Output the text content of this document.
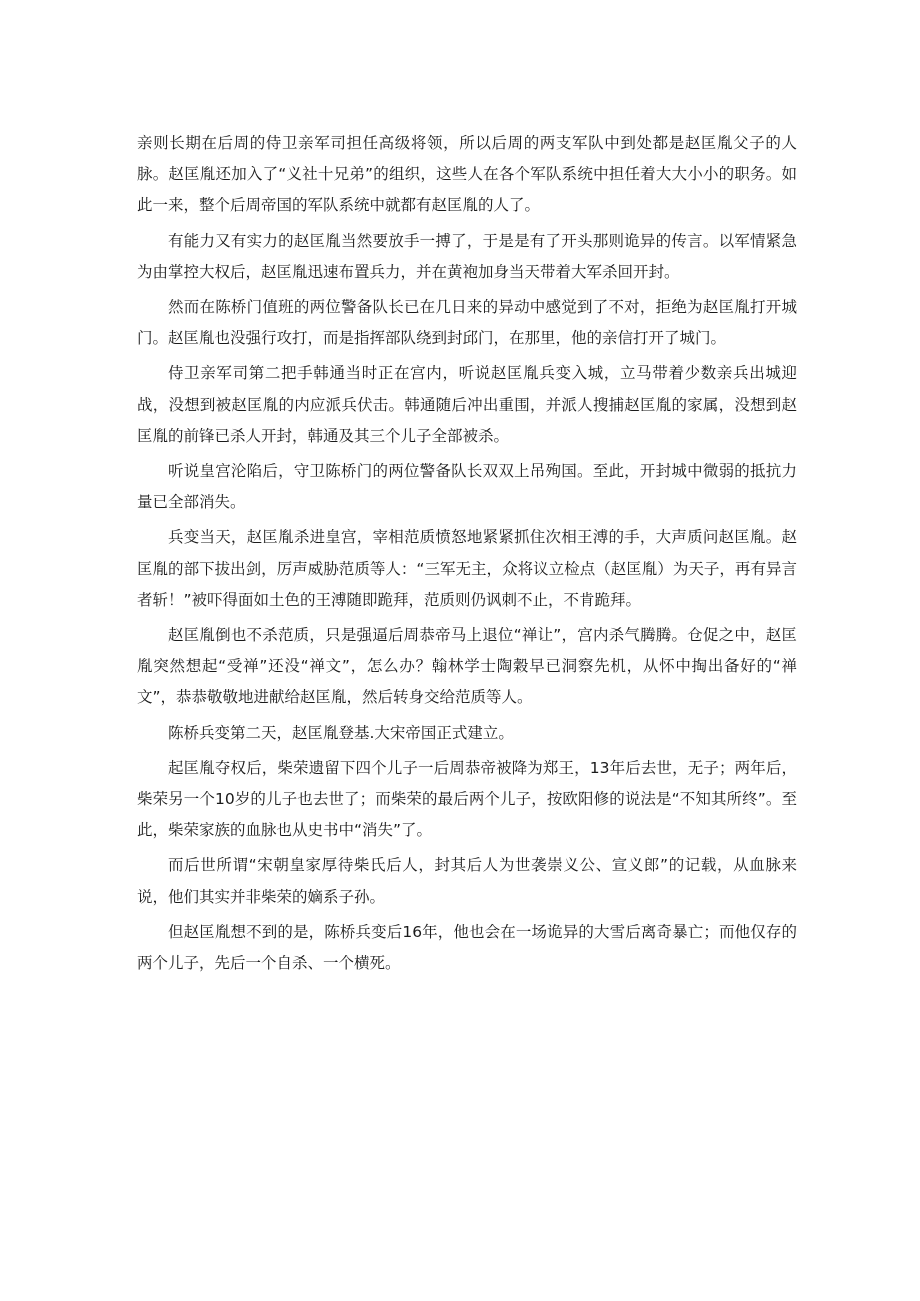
亲则长期在后周的侍卫亲军司担任高级将领，所以后周的两支军队中到处都是赵匡胤父子的人脉。赵匡胤还加入了“义社十兄弟”的组织，这些人在各个军队系统中担任着大大小小的职务。如此一来，整个后周帝国的军队系统中就都有赵匡胤的人了。

有能力又有实力的赵匡胤当然要放手一搏了，于是是有了开头那则诡异的传言。以军情紧急为由掌控大权后，赵匡胤迅速布置兵力，并在黄袍加身当天带着大军杀回开封。

然而在陈桥门值班的两位警备队长已在几日来的异动中感觉到了不对，拒绝为赵匡胤打开城门。赵匡胤也没强行攻打，而是指挥部队绕到封邱门，在那里，他的亲信打开了城门。

侍卫亲军司第二把手韩通当时正在宫内，听说赵匡胤兵变入城，立马带着少数亲兵出城迎战，没想到被赵匡胤的内应派兵伏击。韩通随后冲出重围，并派人搜捕赵匡胤的家属，没想到赵匡胤的前锋已杀人开封，韩通及其三个儿子全部被杀。

听说皇宫沦陷后，守卫陈桥门的两位警备队长双双上吊殉国。至此，开封城中微弱的抵抗力量已全部消失。

兵变当天，赵匡胤杀进皇宫，宰相范质愤怒地紧紧抓住次相王溥的手，大声质问赵匡胤。赵匡胤的部下拔出剑，厉声威胁范质等人：“三军无主，众将议立检点（赵匡胤）为天子，再有异言者斩！”被吓得面如土色的王溥随即跪拜，范质则仍讽刺不止，不肯跪拜。

赵匡胤倒也不杀范质，只是强逼后周恭帝马上退位“禅让”，宫内杀气腾腾。仓促之中，赵匡胤突然想起“受禅”还没“禅文”，怎么办？翰林学士陶穀早已洞察先机，从怀中掏出备好的“禅文”，恭恭敬敬地进献给赵匡胤，然后转身交给范质等人。

陈桥兵变第二天，赵匡胤登基.大宋帝国正式建立。

起匡胤夺权后，柴荣遗留下四个儿子一后周恭帝被降为郑王，13年后去世，无子；两年后，柴荣另一个10岁的儿子也去世了；而柴荣的最后两个儿子，按欧阳修的说法是“不知其所终”。至此，柴荣家族的血脉也从史书中“消失”了。

而后世所谓“宋朝皇家厚待柴氏后人，封其后人为世袭崇义公、宣义郎”的记载，从血脉来说，他们其实并非柴荣的嫡系子孙。

但赵匡胤想不到的是，陈桥兵变后16年，他也会在一场诡异的大雪后离奇暴亡；而他仅存的两个儿子，先后一个自杀、一个横死。
